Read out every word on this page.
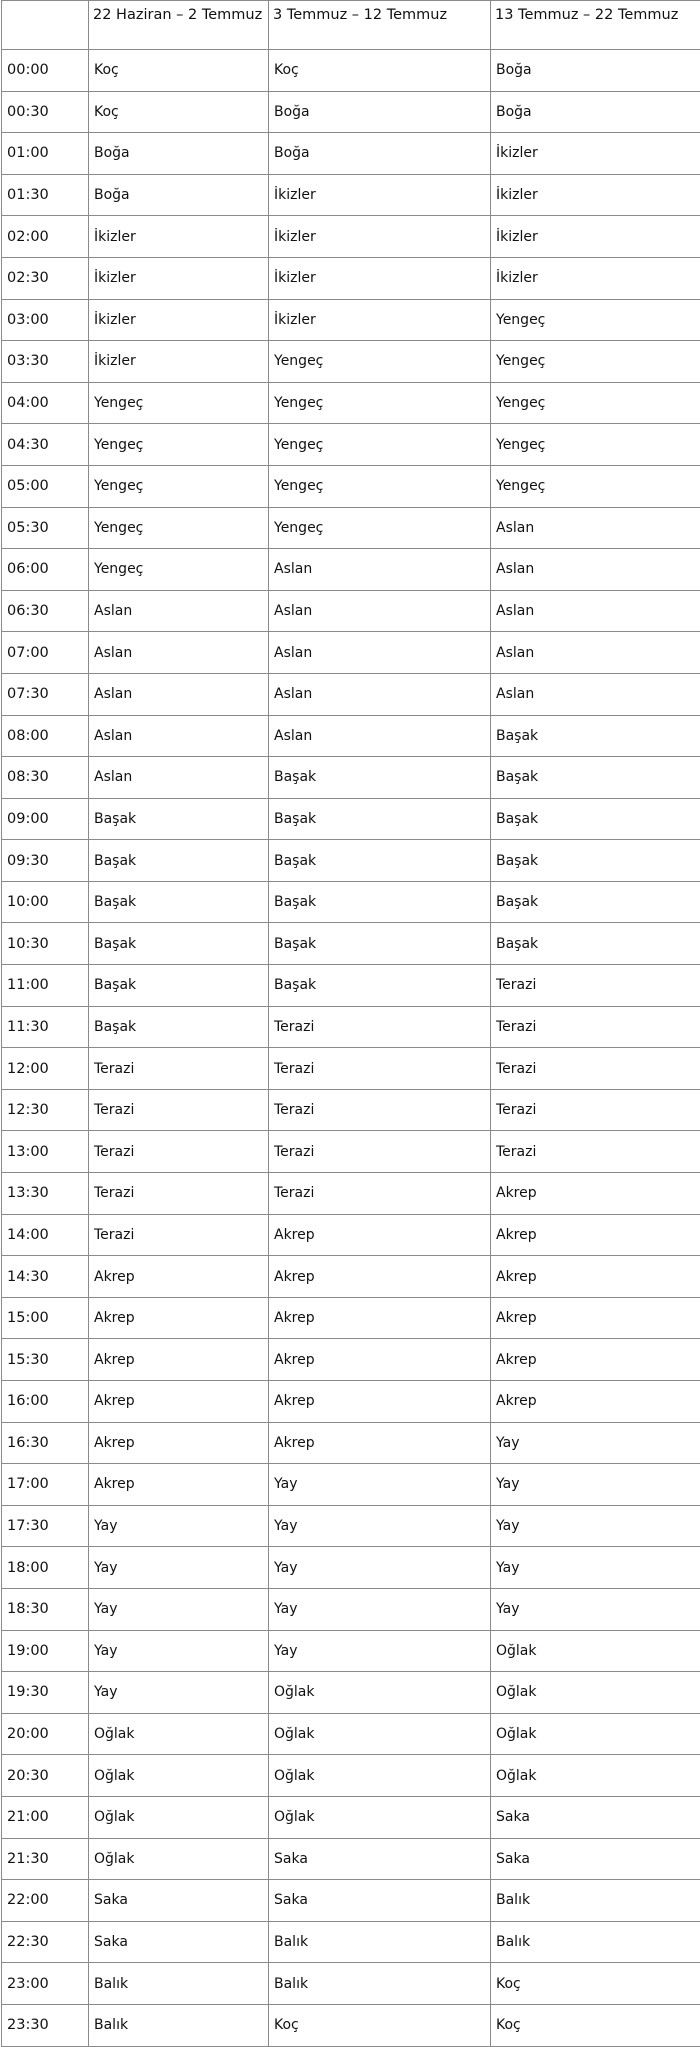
	22 Haziran – 2 Temmuz	3 Temmuz – 12 Temmuz	13 Temmuz – 22 Temmuz
00:00	Koç	Koç	Boğa
00:30	Koç	Boğa	Boğa
01:00	Boğa	Boğa	İkizler
01:30	Boğa	İkizler	İkizler
02:00	İkizler	İkizler	İkizler
02:30	İkizler	İkizler	İkizler
03:00	İkizler	İkizler	Yengeç
03:30	İkizler	Yengeç	Yengeç
04:00	Yengeç	Yengeç	Yengeç
04:30	Yengeç	Yengeç	Yengeç
05:00	Yengeç	Yengeç	Yengeç
05:30	Yengeç	Yengeç	Aslan
06:00	Yengeç	Aslan	Aslan
06:30	Aslan	Aslan	Aslan
07:00	Aslan	Aslan	Aslan
07:30	Aslan	Aslan	Aslan
08:00	Aslan	Aslan	Başak
08:30	Aslan	Başak	Başak
09:00	Başak	Başak	Başak
09:30	Başak	Başak	Başak
10:00	Başak	Başak	Başak
10:30	Başak	Başak	Başak
11:00	Başak	Başak	Terazi
11:30	Başak	Terazi	Terazi
12:00	Terazi	Terazi	Terazi
12:30	Terazi	Terazi	Terazi
13:00	Terazi	Terazi	Terazi
13:30	Terazi	Terazi	Akrep
14:00	Terazi	Akrep	Akrep
14:30	Akrep	Akrep	Akrep
15:00	Akrep	Akrep	Akrep
15:30	Akrep	Akrep	Akrep
16:00	Akrep	Akrep	Akrep
16:30	Akrep	Akrep	Yay
17:00	Akrep	Yay	Yay
17:30	Yay	Yay	Yay
18:00	Yay	Yay	Yay
18:30	Yay	Yay	Yay
19:00	Yay	Yay	Oğlak
19:30	Yay	Oğlak	Oğlak
20:00	Oğlak	Oğlak	Oğlak
20:30	Oğlak	Oğlak	Oğlak
21:00	Oğlak	Oğlak	Saka
21:30	Oğlak	Saka	Saka
22:00	Saka	Saka	Balık
22:30	Saka	Balık	Balık
23:00	Balık	Balık	Koç
23:30	Balık	Koç	Koç
